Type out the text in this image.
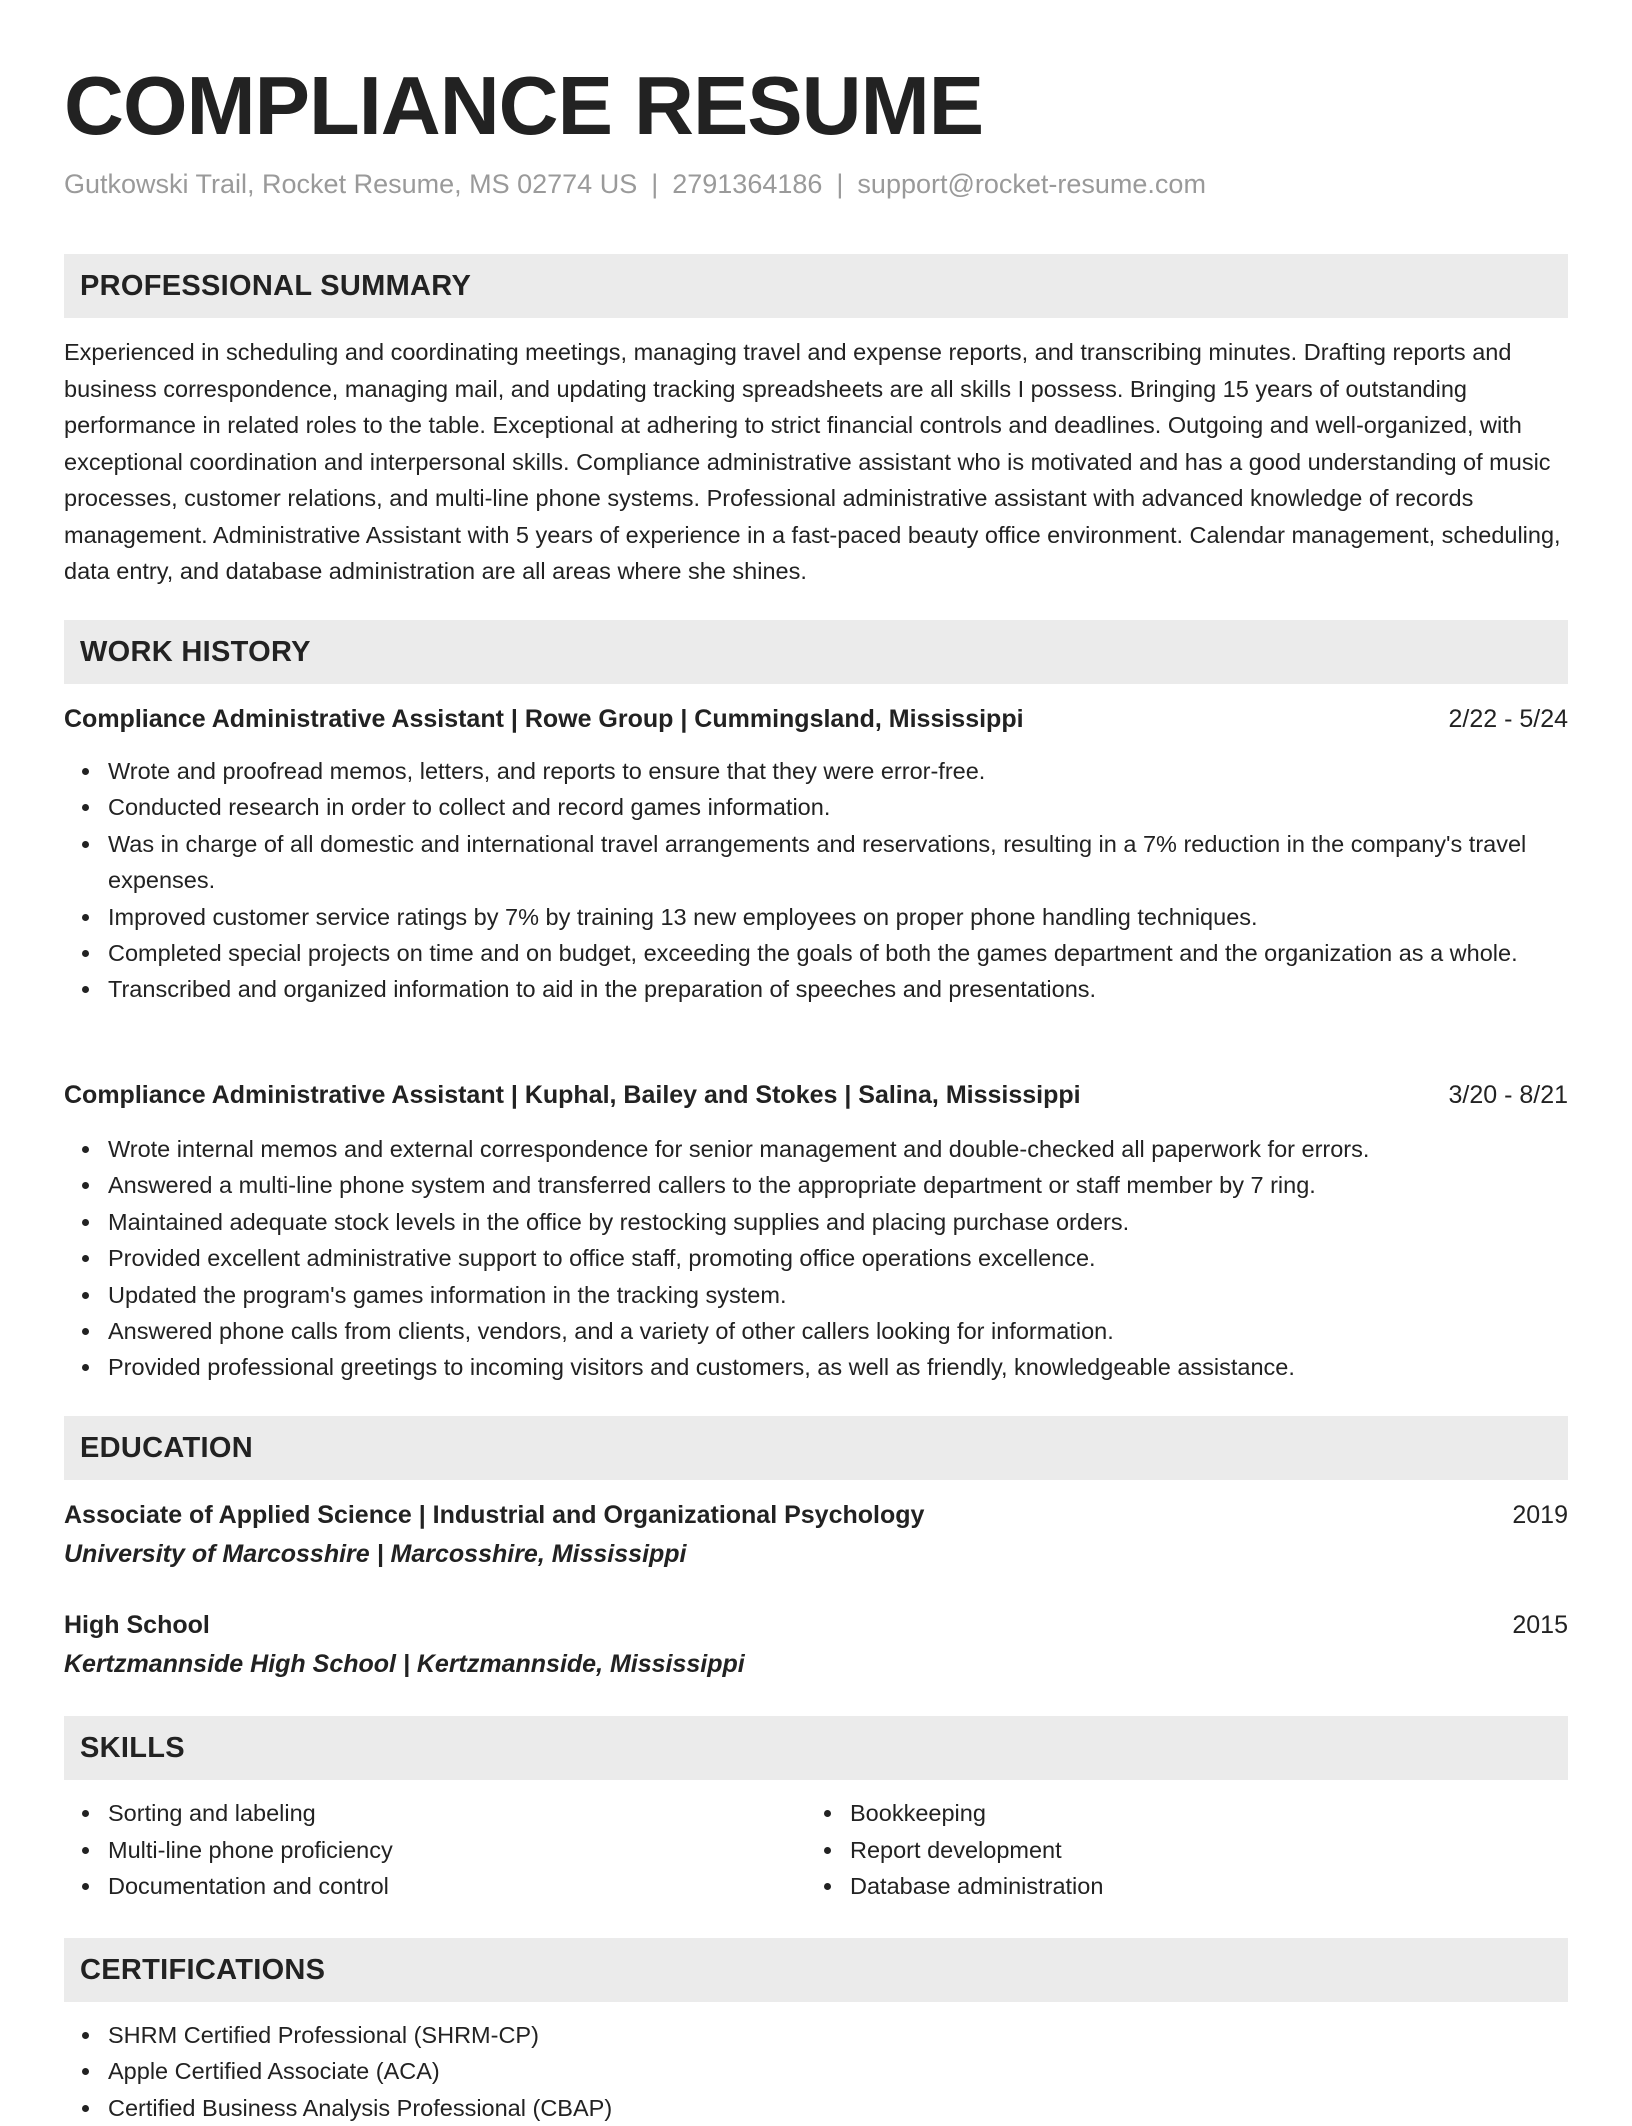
COMPLIANCE RESUME
Gutkowski Trail, Rocket Resume, MS 02774 US | 2791364186 | support@rocket-resume.com
PROFESSIONAL SUMMARY

Experienced in scheduling and coordinating meetings, managing travel and expense reports, and transcribing minutes. Drafting reports and business correspondence, managing mail, and updating tracking spreadsheets are all skills I possess. Bringing 15 years of outstanding performance in related roles to the table. Exceptional at adhering to strict financial controls and deadlines. Outgoing and well-organized, with exceptional coordination and interpersonal skills. Compliance administrative assistant who is motivated and has a good understanding of music processes, customer relations, and multi-line phone systems. Professional administrative assistant with advanced knowledge of records management. Administrative Assistant with 5 years of experience in a fast-paced beauty office environment. Calendar management, scheduling, data entry, and database administration are all areas where she shines.

WORK HISTORY
Compliance Administrative Assistant | Rowe Group | Cummingsland, Mississippi	2/22 - 5/24
Wrote and proofread memos, letters, and reports to ensure that they were error-free.
Conducted research in order to collect and record games information.
Was in charge of all domestic and international travel arrangements and reservations, resulting in a 7% reduction in the company's travel expenses.
Improved customer service ratings by 7% by training 13 new employees on proper phone handling techniques.
Completed special projects on time and on budget, exceeding the goals of both the games department and the organization as a whole.
Transcribed and organized information to aid in the preparation of speeches and presentations.
Compliance Administrative Assistant | Kuphal, Bailey and Stokes | Salina, Mississippi	3/20 - 8/21
Wrote internal memos and external correspondence for senior management and double-checked all paperwork for errors.
Answered a multi-line phone system and transferred callers to the appropriate department or staff member by 7 ring.
Maintained adequate stock levels in the office by restocking supplies and placing purchase orders.
Provided excellent administrative support to office staff, promoting office operations excellence.
Updated the program's games information in the tracking system.
Answered phone calls from clients, vendors, and a variety of other callers looking for information.
Provided professional greetings to incoming visitors and customers, as well as friendly, knowledgeable assistance.
EDUCATION
Associate of Applied Science | Industrial and Organizational Psychology	2019
University of Marcosshire | Marcosshire, Mississippi
High School	2015
Kertzmannside High School | Kertzmannside, Mississippi
SKILLS
Sorting and labeling
Multi-line phone proficiency
Documentation and control
Bookkeeping
Report development
Database administration
CERTIFICATIONS
SHRM Certified Professional (SHRM-CP)
Apple Certified Associate (ACA)
Certified Business Analysis Professional (CBAP)
